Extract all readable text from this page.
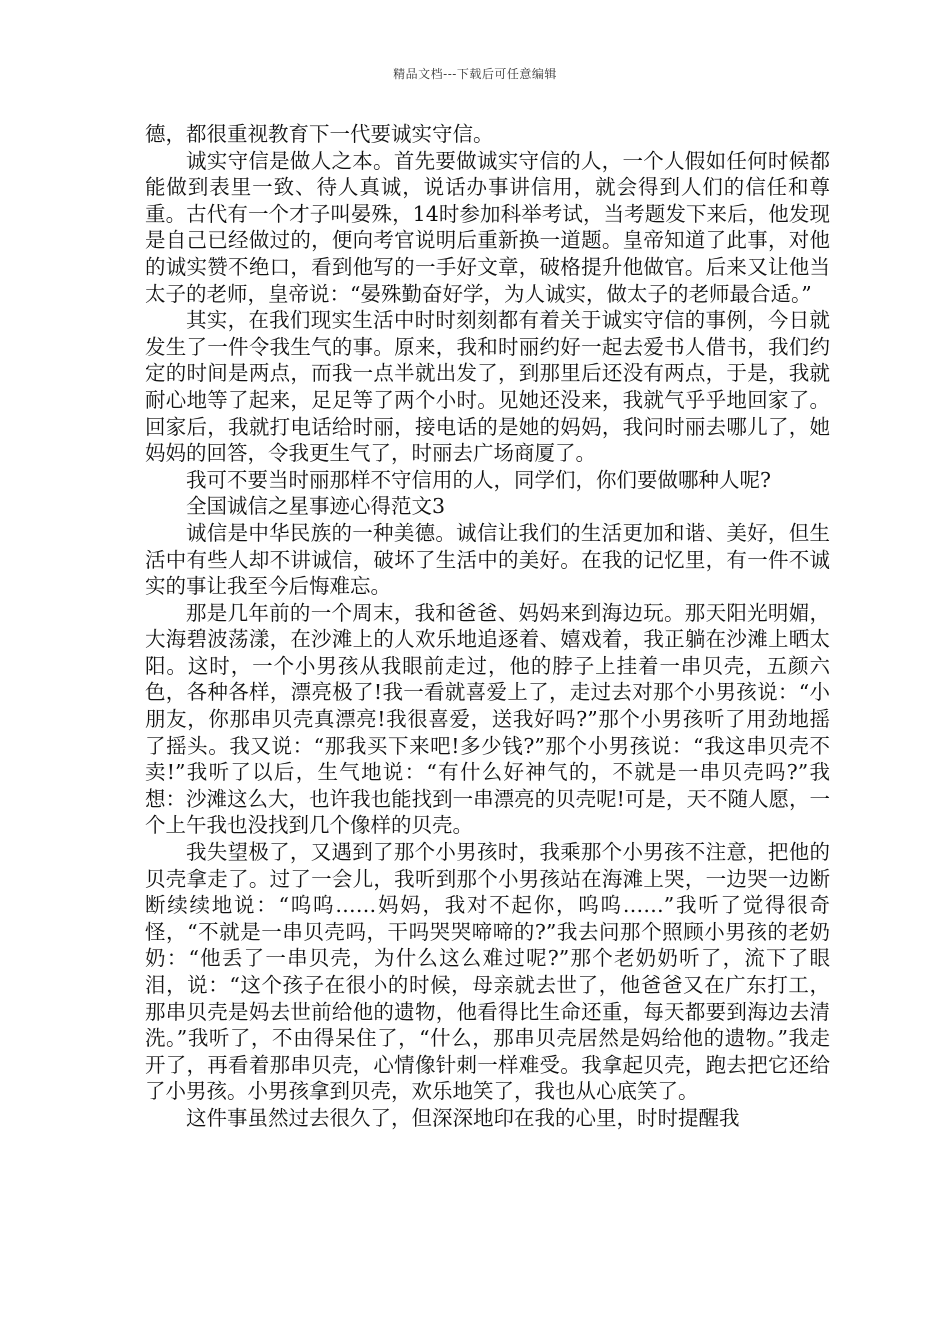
精品文档---下载后可任意编辑

德，都很重视教育下一代要诚实守信。

诚实守信是做人之本。首先要做诚实守信的人，一个人假如任何时候都能做到表里一致、待人真诚，说话办事讲信用，就会得到人们的信任和尊重。古代有一个才子叫晏殊，14时参加科举考试，当考题发下来后，他发现是自己已经做过的，便向考官说明后重新换一道题。皇帝知道了此事，对他的诚实赞不绝口，看到他写的一手好文章，破格提升他做官。后来又让他当太子的老师，皇帝说：“晏殊勤奋好学，为人诚实，做太子的老师最合适。”

其实，在我们现实生活中时时刻刻都有着关于诚实守信的事例，今日就发生了一件令我生气的事。原来，我和时丽约好一起去爱书人借书，我们约定的时间是两点，而我一点半就出发了，到那里后还没有两点，于是，我就耐心地等了起来，足足等了两个小时。见她还没来，我就气乎乎地回家了。回家后，我就打电话给时丽，接电话的是她的妈妈，我问时丽去哪儿了，她妈妈的回答，令我更生气了，时丽去广场商厦了。

我可不要当时丽那样不守信用的人，同学们，你们要做哪种人呢?

全国诚信之星事迹心得范文3

诚信是中华民族的一种美德。诚信让我们的生活更加和谐、美好，但生活中有些人却不讲诚信，破坏了生活中的美好。在我的记忆里，有一件不诚实的事让我至今后悔难忘。

那是几年前的一个周末，我和爸爸、妈妈来到海边玩。那天阳光明媚，大海碧波荡漾，在沙滩上的人欢乐地追逐着、嬉戏着，我正躺在沙滩上晒太阳。这时，一个小男孩从我眼前走过，他的脖子上挂着一串贝壳，五颜六色，各种各样，漂亮极了!我一看就喜爱上了，走过去对那个小男孩说：“小朋友，你那串贝壳真漂亮!我很喜爱，送我好吗?”那个小男孩听了用劲地摇了摇头。我又说：“那我买下来吧!多少钱?”那个小男孩说：“我这串贝壳不卖!”我听了以后，生气地说：“有什么好神气的，不就是一串贝壳吗?”我想：沙滩这么大，也许我也能找到一串漂亮的贝壳呢!可是，天不随人愿，一个上午我也没找到几个像样的贝壳。

我失望极了，又遇到了那个小男孩时，我乘那个小男孩不注意，把他的贝壳拿走了。过了一会儿，我听到那个小男孩站在海滩上哭，一边哭一边断断续续地说：“呜呜……妈妈，我对不起你，呜呜……”我听了觉得很奇怪，“不就是一串贝壳吗，干吗哭哭啼啼的?”我去问那个照顾小男孩的老奶奶：“他丢了一串贝壳，为什么这么难过呢?”那个老奶奶听了，流下了眼泪，说：“这个孩子在很小的时候，母亲就去世了，他爸爸又在广东打工，那串贝壳是妈去世前给他的遗物，他看得比生命还重，每天都要到海边去清洗。”我听了，不由得呆住了，“什么，那串贝壳居然是妈给他的遗物。”我走开了，再看着那串贝壳，心情像针刺一样难受。我拿起贝壳，跑去把它还给了小男孩。小男孩拿到贝壳，欢乐地笑了，我也从心底笑了。

这件事虽然过去很久了，但深深地印在我的心里，时时提醒我
